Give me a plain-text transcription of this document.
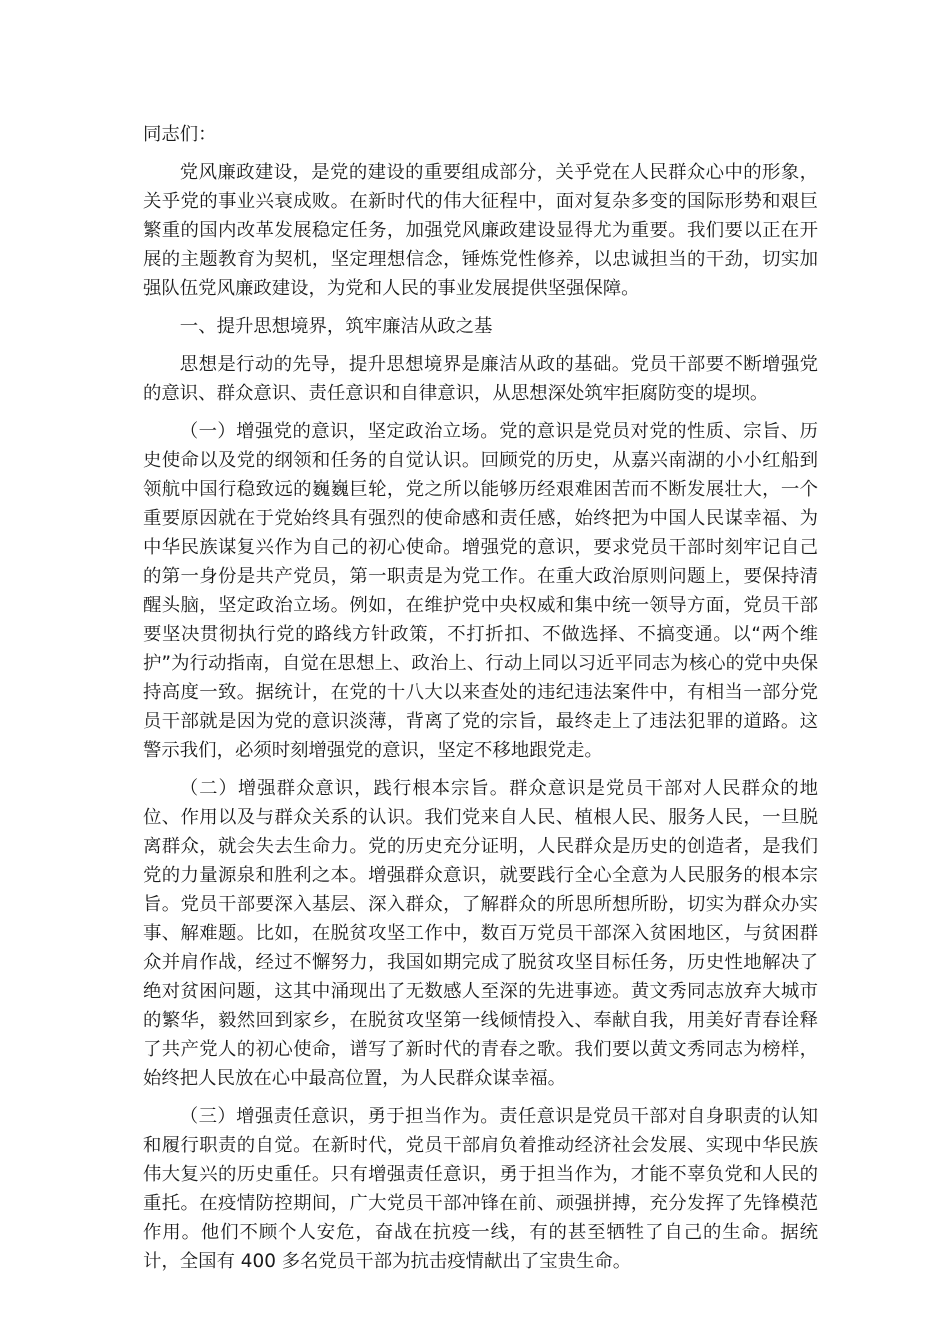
同志们：

党风廉政建设，是党的建设的重要组成部分，关乎党在人民群众心中的形象，关乎党的事业兴衰成败。在新时代的伟大征程中，面对复杂多变的国际形势和艰巨繁重的国内改革发展稳定任务，加强党风廉政建设显得尤为重要。我们要以正在开展的主题教育为契机，坚定理想信念，锤炼党性修养，以忠诚担当的干劲，切实加强队伍党风廉政建设，为党和人民的事业发展提供坚强保障。

一、提升思想境界，筑牢廉洁从政之基

思想是行动的先导，提升思想境界是廉洁从政的基础。党员干部要不断增强党的意识、群众意识、责任意识和自律意识，从思想深处筑牢拒腐防变的堤坝。

（一）增强党的意识，坚定政治立场。党的意识是党员对党的性质、宗旨、历史使命以及党的纲领和任务的自觉认识。回顾党的历史，从嘉兴南湖的小小红船到领航中国行稳致远的巍巍巨轮，党之所以能够历经艰难困苦而不断发展壮大，一个重要原因就在于党始终具有强烈的使命感和责任感，始终把为中国人民谋幸福、为中华民族谋复兴作为自己的初心使命。增强党的意识，要求党员干部时刻牢记自己的第一身份是共产党员，第一职责是为党工作。在重大政治原则问题上，要保持清醒头脑，坚定政治立场。例如，在维护党中央权威和集中统一领导方面，党员干部要坚决贯彻执行党的路线方针政策，不打折扣、不做选择、不搞变通。以“两个维护”为行动指南，自觉在思想上、政治上、行动上同以习近平同志为核心的党中央保持高度一致。据统计，在党的十八大以来查处的违纪违法案件中，有相当一部分党员干部就是因为党的意识淡薄，背离了党的宗旨，最终走上了违法犯罪的道路。这警示我们，必须时刻增强党的意识，坚定不移地跟党走。

（二）增强群众意识，践行根本宗旨。群众意识是党员干部对人民群众的地位、作用以及与群众关系的认识。我们党来自人民、植根人民、服务人民，一旦脱离群众，就会失去生命力。党的历史充分证明，人民群众是历史的创造者，是我们党的力量源泉和胜利之本。增强群众意识，就要践行全心全意为人民服务的根本宗旨。党员干部要深入基层、深入群众，了解群众的所思所想所盼，切实为群众办实事、解难题。比如，在脱贫攻坚工作中，数百万党员干部深入贫困地区，与贫困群众并肩作战，经过不懈努力，我国如期完成了脱贫攻坚目标任务，历史性地解决了绝对贫困问题，这其中涌现出了无数感人至深的先进事迹。黄文秀同志放弃大城市的繁华，毅然回到家乡，在脱贫攻坚第一线倾情投入、奉献自我，用美好青春诠释了共产党人的初心使命，谱写了新时代的青春之歌。我们要以黄文秀同志为榜样，始终把人民放在心中最高位置，为人民群众谋幸福。

（三）增强责任意识，勇于担当作为。责任意识是党员干部对自身职责的认知和履行职责的自觉。在新时代，党员干部肩负着推动经济社会发展、实现中华民族伟大复兴的历史重任。只有增强责任意识，勇于担当作为，才能不辜负党和人民的重托。在疫情防控期间，广大党员干部冲锋在前、顽强拼搏，充分发挥了先锋模范作用。他们不顾个人安危，奋战在抗疫一线，有的甚至牺牲了自己的生命。据统计，全国有 400 多名党员干部为抗击疫情献出了宝贵生命。
